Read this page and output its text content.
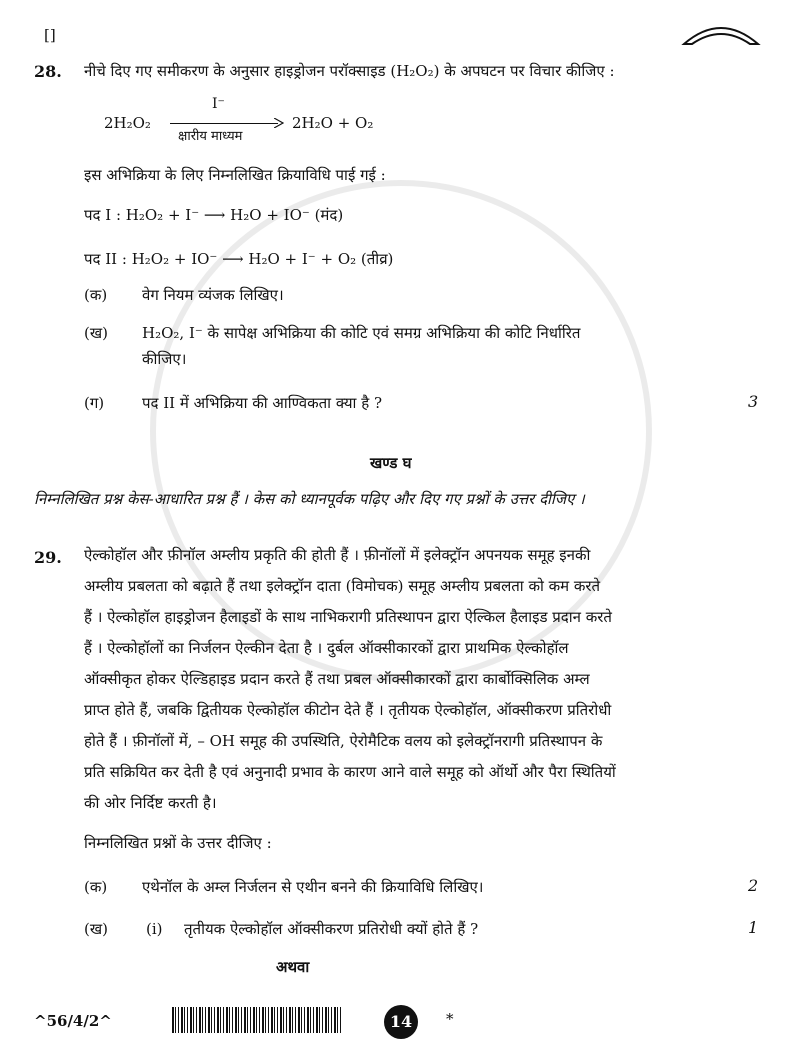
[]
28. नीचे दिए गए समीकरण के अनुसार हाइड्रोजन परॉक्साइड (H₂O₂) के अपघटन पर विचार कीजिए :
2H₂O₂
I⁻
क्षारीय माध्यम
2H₂O + O₂
इस अभिक्रिया के लिए निम्नलिखित क्रियाविधि पाई गई :
पद I : H₂O₂ + I⁻ ⟶ H₂O + IO⁻ (मंद)
पद II : H₂O₂ + IO⁻ ⟶ H₂O + I⁻ + O₂ (तीव्र)
(क) वेग नियम व्यंजक लिखिए।
(ख) H₂O₂, I⁻ के सापेक्ष अभिक्रिया की कोटि एवं समग्र अभिक्रिया की कोटि निर्धारित
कीजिए।
(ग)	पद II में अभिक्रिया की आण्विकता क्या है ?	3
खण्ड घ
निम्नलिखित प्रश्न केस-आधारित प्रश्न हैं । केस को ध्यानपूर्वक पढ़िए और दिए गए प्रश्नों के उत्तर दीजिए ।
29. ऐल्कोहॉल और फ़ीनॉल अम्लीय प्रकृति की होती हैं । फ़ीनॉलों में इलेक्ट्रॉन अपनयक समूह इनकी
अम्लीय प्रबलता को बढ़ाते हैं तथा इलेक्ट्रॉन दाता (विमोचक) समूह अम्लीय प्रबलता को कम करते
हैं । ऐल्कोहॉल हाइड्रोजन हैलाइडों के साथ नाभिकरागी प्रतिस्थापन द्वारा ऐल्किल हैलाइड प्रदान करते
हैं । ऐल्कोहॉलों का निर्जलन ऐल्कीन देता है । दुर्बल ऑक्सीकारकों द्वारा प्राथमिक ऐल्कोहॉल
ऑक्सीकृत होकर ऐल्डिहाइड प्रदान करते हैं तथा प्रबल ऑक्सीकारकों द्वारा कार्बोक्सिलिक अम्ल
प्राप्त होते हैं, जबकि द्वितीयक ऐल्कोहॉल कीटोन देते हैं । तृतीयक ऐल्कोहॉल, ऑक्सीकरण प्रतिरोधी
होते हैं । फ़ीनॉलों में, – OH समूह की उपस्थिति, ऐरोमैटिक वलय को इलेक्ट्रॉनरागी प्रतिस्थापन के
प्रति सक्रियित कर देती है एवं अनुनादी प्रभाव के कारण आने वाले समूह को ऑर्थो और पैरा स्थितियों
की ओर निर्दिष्ट करती है।
निम्नलिखित प्रश्नों के उत्तर दीजिए :
(क) एथेनॉल के अम्ल निर्जलन से एथीन बनने की क्रियाविधि लिखिए।	2
(ख)	(i) तृतीयक ऐल्कोहॉल ऑक्सीकरण प्रतिरोधी क्यों होते हैं ?	1
अथवा
^56/4/2^	14	*
